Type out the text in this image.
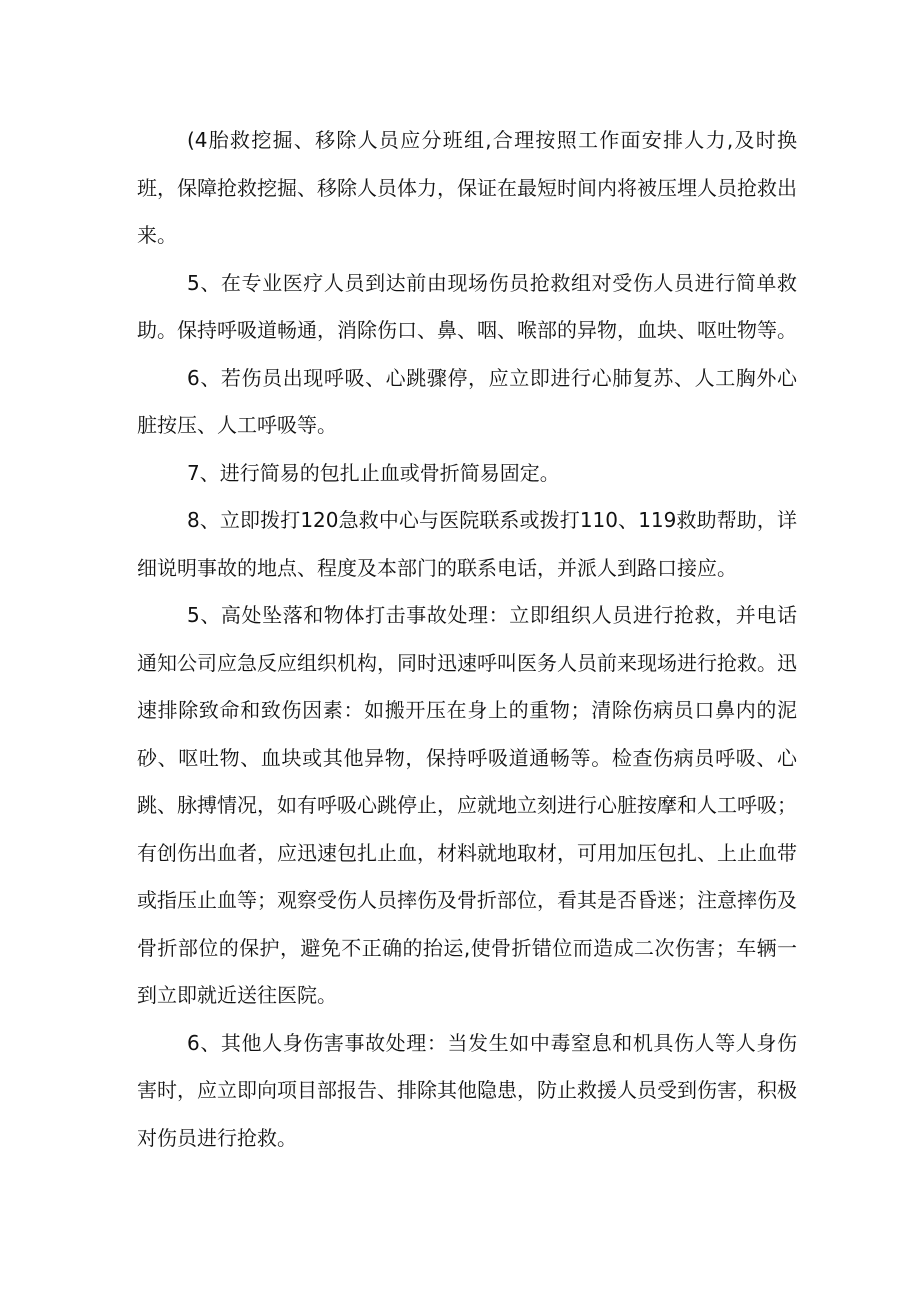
(4胎救挖掘、移除人员应分班组,合理按照工作面安排人力,及时换班，保障抢救挖掘、移除人员体力，保证在最短时间内将被压埋人员抢救出来。

5、在专业医疗人员到达前由现场伤员抢救组对受伤人员进行简单救助。保持呼吸道畅通，消除伤口、鼻、咽、喉部的异物，血块、呕吐物等。

6、若伤员出现呼吸、心跳骤停，应立即进行心肺复苏、人工胸外心脏按压、人工呼吸等。

7、进行简易的包扎止血或骨折简易固定。

8、立即拨打120急救中心与医院联系或拨打110、119救助帮助，详细说明事故的地点、程度及本部门的联系电话，并派人到路口接应。

5、高处坠落和物体打击事故处理：立即组织人员进行抢救，并电话通知公司应急反应组织机构，同时迅速呼叫医务人员前来现场进行抢救。迅速排除致命和致伤因素：如搬开压在身上的重物；清除伤病员口鼻内的泥砂、呕吐物、血块或其他异物，保持呼吸道通畅等。检查伤病员呼吸、心跳、脉搏情况，如有呼吸心跳停止，应就地立刻进行心脏按摩和人工呼吸；有创伤出血者，应迅速包扎止血，材料就地取材，可用加压包扎、上止血带或指压止血等；观察受伤人员摔伤及骨折部位，看其是否昏迷；注意摔伤及骨折部位的保护，避免不正确的抬运,使骨折错位而造成二次伤害；车辆一到立即就近送往医院。

6、其他人身伤害事故处理：当发生如中毒窒息和机具伤人等人身伤害时，应立即向项目部报告、排除其他隐患，防止救援人员受到伤害，积极对伤员进行抢救。
